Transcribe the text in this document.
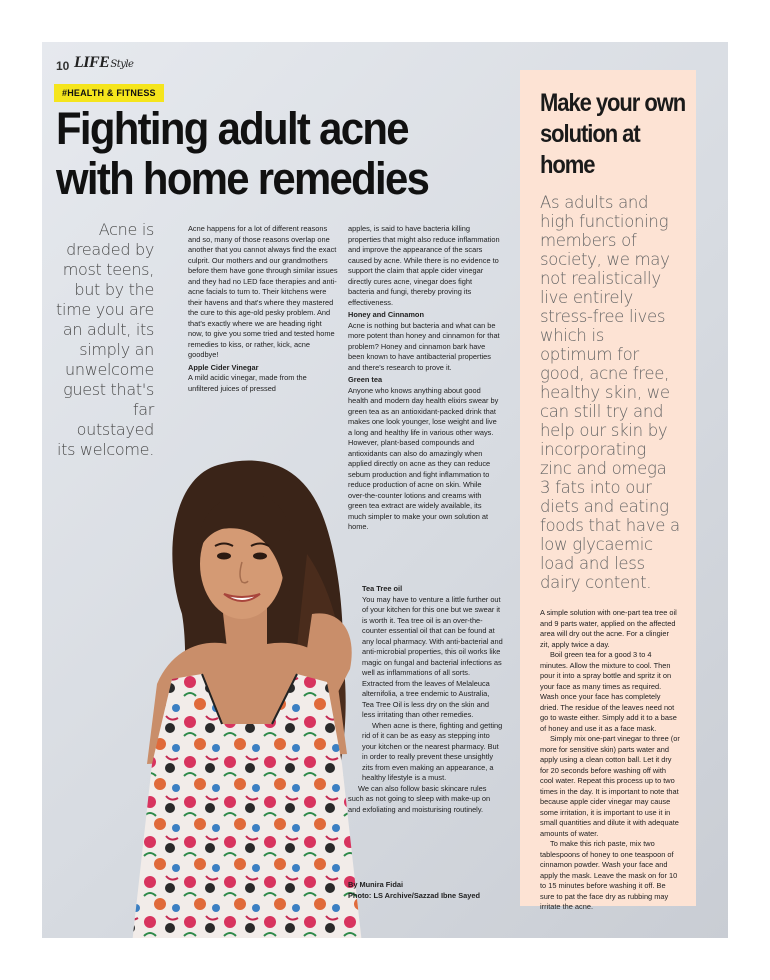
10 LIFEStyle
#HEALTH & FITNESS
Fighting adult acne with home remedies
Acne is dreaded by most teens, but by the time you are an adult, its simply an unwelcome guest that's far outstayed its welcome.

Acne happens for a lot of different reasons and so, many of those reasons overlap one another that you cannot always find the exact culprit. Our mothers and our grandmothers before them have gone through similar issues and they had no LED face therapies and anti-acne facials to turn to. Their kitchens were their havens and that's where they mastered the cure to this age-old pesky problem. And that's exactly where we are heading right now, to give you some tried and tested home remedies to kiss, or rather, kick, acne goodbye!

Apple Cider Vinegar

A mild acidic vinegar, made from the unfiltered juices of pressed

apples, is said to have bacteria killing properties that might also reduce inflammation and improve the appearance of the scars caused by acne. While there is no evidence to support the claim that apple cider vinegar directly cures acne, vinegar does fight bacteria and fungi, thereby proving its effectiveness.

Honey and Cinnamon

Acne is nothing but bacteria and what can be more potent than honey and cinnamon for that problem? Honey and cinnamon bark have been known to have antibacterial properties and there's research to prove it.

Green tea

Anyone who knows anything about good health and modern day health elixirs swear by green tea as an antioxidant-packed drink that makes one look younger, lose weight and live a long and healthy life in various other ways. However, plant-based compounds and antioxidants can also do amazingly when applied directly on acne as they can reduce sebum production and fight inflammation to reduce production of acne on skin. While over-the-counter lotions and creams with green tea extract are widely available, its much simpler to make your own solution at home.

Tea Tree oil

You may have to venture a little further out of your kitchen for this one but we swear it is worth it. Tea tree oil is an over-the-counter essential oil that can be found at any local pharmacy. With anti-bacterial and anti-microbial properties, this oil works like magic on fungal and bacterial infections as well as inflammations of all sorts. Extracted from the leaves of Melaleuca alternifolia, a tree endemic to Australia, Tea Tree Oil is less dry on the skin and less irritating than other remedies.

When acne is there, fighting and getting rid of it can be as easy as stepping into your kitchen or the nearest pharmacy. But in order to really prevent these unsightly zits from even making an appearance, a healthy lifestyle is a must.

We can also follow basic skincare rules such as not going to sleep with make-up on and exfoliating and moisturising routinely.

By Munira Fidai

Photo: LS Archive/Sazzad Ibne Sayed

Make your own solution at home
As adults and high functioning members of society, we may not realistically live entirely stress-free lives which is optimum for good, acne free, healthy skin, we can still try and help our skin by incorporating zinc and omega 3 fats into our diets and eating foods that have a low glycaemic load and less dairy content.

A simple solution with one-part tea tree oil and 9 parts water, applied on the affected area will dry out the acne. For a clingier zit, apply twice a day.

Boil green tea for a good 3 to 4 minutes. Allow the mixture to cool. Then pour it into a spray bottle and spritz it on your face as many times as required. Wash once your face has completely dried. The residue of the leaves need not go to waste either. Simply add it to a base of honey and use it as a face mask.

Simply mix one-part vinegar to three (or more for sensitive skin) parts water and apply using a clean cotton ball. Let it dry for 20 seconds before washing off with cool water. Repeat this process up to two times in the day. It is important to note that because apple cider vinegar may cause some irritation, it is important to use it in small quantities and dilute it with adequate amounts of water.

To make this rich paste, mix two tablespoons of honey to one teaspoon of cinnamon powder. Wash your face and apply the mask. Leave the mask on for 10 to 15 minutes before washing it off. Be sure to pat the face dry as rubbing may irritate the acne.
